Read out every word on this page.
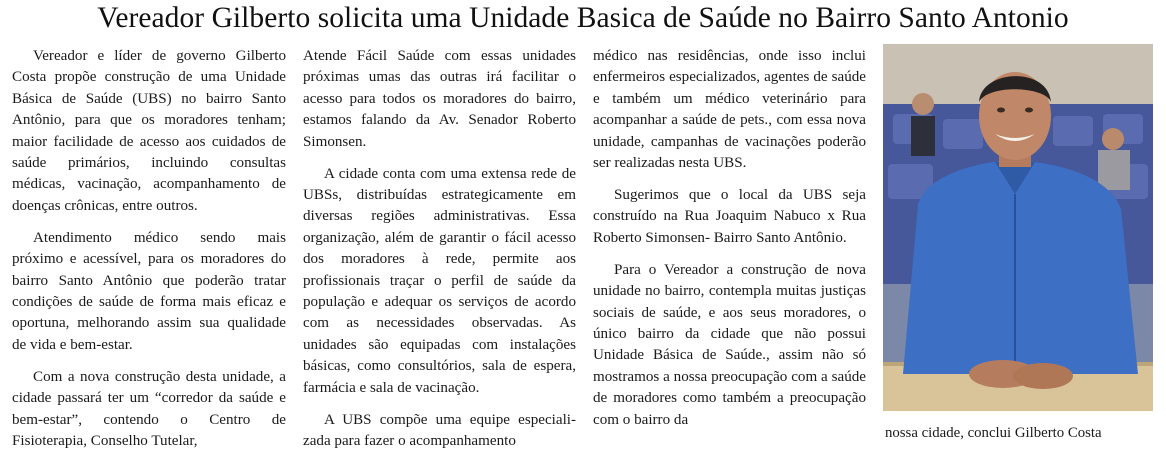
Vereador Gilberto solicita uma Unidade Basica de Saúde no Bairro Santo Antonio

Vereador e líder de governo Gilberto Costa propõe construção de uma Unidade Básica de Saúde (UBS) no bairro Santo Antônio, para que os moradores tenham; maior facilidade de acesso aos cuidados de saúde primários, incluindo consultas médicas, vacinação, acompanhamento de doenças crônicas, entre outros.

Atendimento médico sendo mais próximo e acessível, para os moradores do bairro Santo Antônio que poderão tratar condições de saúde de forma mais eficaz e oportuna, melhorando assim sua qualidade de vida e bem-estar.

Com a nova construção desta unidade, a cidade passará ter um “corredor da saúde e bem-estar”, contendo o Centro de Fisioterapia, Conselho Tutelar,

Atende Fácil Saúde com essas unidades próximas umas das outras irá facilitar o acesso para todos os moradores do bairro, estamos falando da Av. Senador Roberto Simonsen.

A cidade conta com uma extensa rede de UBSs, distribuídas estrategicamente em diversas regiões administrativas. Essa organização, além de garantir o fácil acesso dos moradores à rede, permite aos profissionais traçar o perfil de saúde da população e adequar os serviços de acordo com as necessidades observadas. As unidades são equipadas com instalações básicas, como consultórios, sala de espera, farmácia e sala de vacinação.

A UBS compõe uma equipe especializada para fazer o acompanhamento

médico nas residências, onde isso inclui enfermeiros especializados, agentes de saúde e também um médico veterinário para acompanhar a saúde de pets., com essa nova unidade, campanhas de vacinações poderão ser realizadas nesta UBS.

Sugerimos que o local da UBS seja construído na Rua Joaquim Nabuco x Rua Roberto Simonsen- Bairro Santo Antônio.

Para o Vereador a construção de nova unidade no bairro, contempla muitas justiças sociais de saúde, e aos seus moradores, o único bairro da cidade que não possui Unidade Básica de Saúde., assim não só mostramos a nossa preocupação com a saúde de moradores como também a preocupação com o bairro da

nossa cidade, conclui Gilberto Costa
